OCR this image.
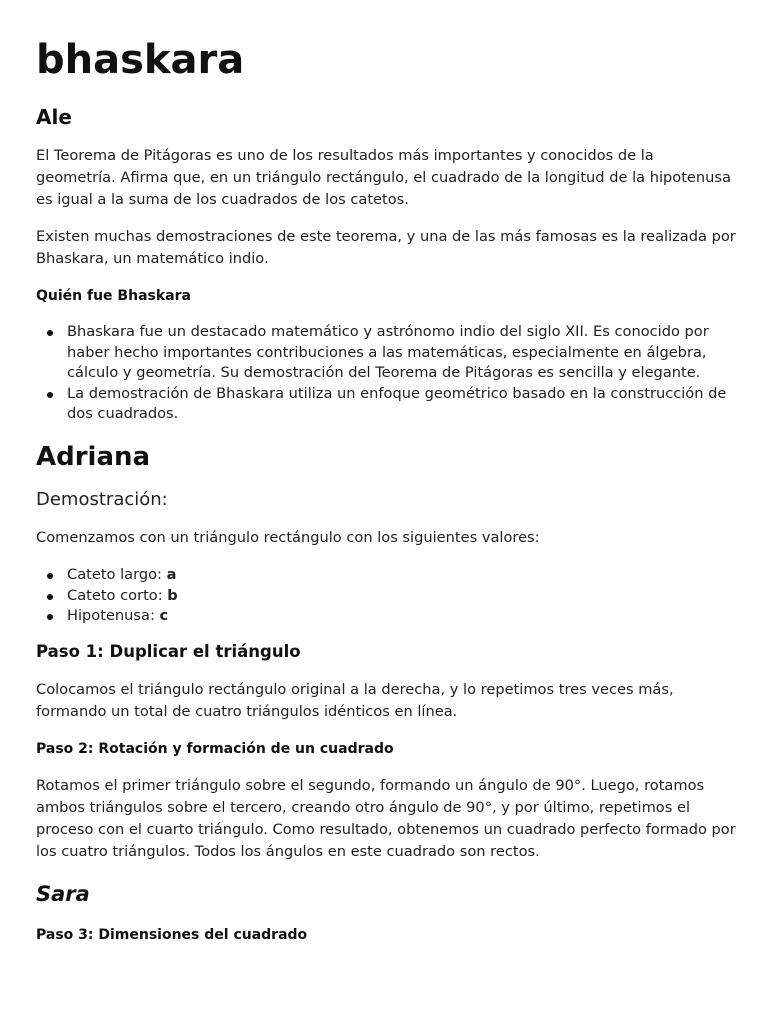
bhaskara
Ale

El Teorema de Pitágoras es uno de los resultados más importantes y conocidos de la geometría. Afirma que, en un triángulo rectángulo, el cuadrado de la longitud de la hipotenusa es igual a la suma de los cuadrados de los catetos.

Existen muchas demostraciones de este teorema, y una de las más famosas es la realizada por Bhaskara, un matemático indio.

Quién fue Bhaskara
Bhaskara fue un destacado matemático y astrónomo indio del siglo XII. Es conocido por haber hecho importantes contribuciones a las matemáticas, especialmente en álgebra, cálculo y geometría. Su demostración del Teorema de Pitágoras es sencilla y elegante.
La demostración de Bhaskara utiliza un enfoque geométrico basado en la construcción de dos cuadrados.
Adriana
Demostración:

Comenzamos con un triángulo rectángulo con los siguientes valores:

Cateto largo: a
Cateto corto: b
Hipotenusa: c
Paso 1: Duplicar el triángulo

Colocamos el triángulo rectángulo original a la derecha, y lo repetimos tres veces más, formando un total de cuatro triángulos idénticos en línea.

Paso 2: Rotación y formación de un cuadrado

Rotamos el primer triángulo sobre el segundo, formando un ángulo de 90°. Luego, rotamos ambos triángulos sobre el tercero, creando otro ángulo de 90°, y por último, repetimos el proceso con el cuarto triángulo. Como resultado, obtenemos un cuadrado perfecto formado por los cuatro triángulos. Todos los ángulos en este cuadrado son rectos.

Sara
Paso 3: Dimensiones del cuadrado
